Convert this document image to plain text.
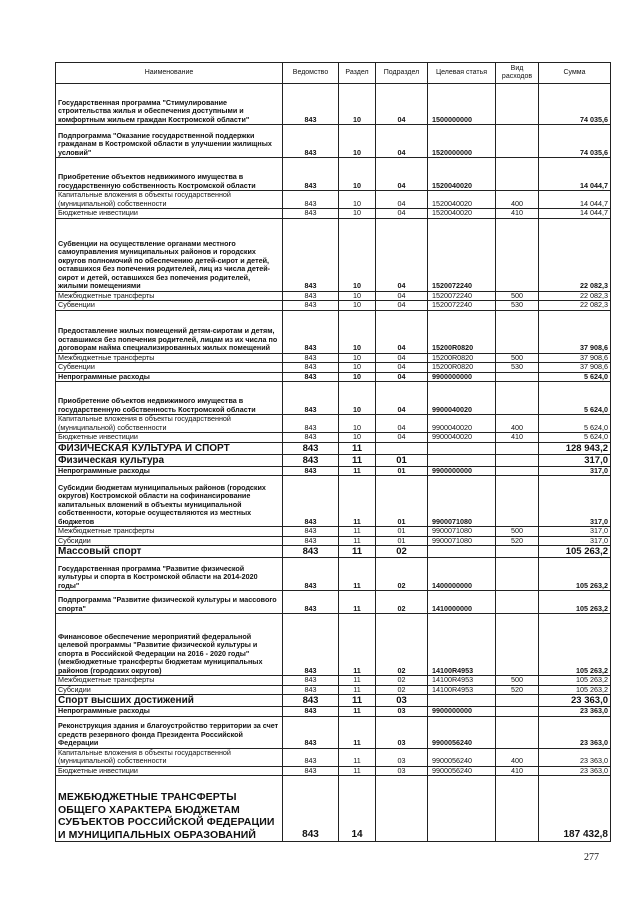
Наименование	Ведомство	Раздел	Подраздел	Целевая статья	Вид расходов	Сумма
Государственная программа "Стимулирование строительства жилья и обеспечения доступными и комфортным жильем граждан Костромской области"	843	10	04	1500000000		74 035,6
Подпрограмма "Оказание государственной поддержки гражданам в Костромской области в улучшении жилищных условий"	843	10	04	1520000000		74 035,6
Приобретение объектов недвижимого имущества в государственную собственность Костромской области	843	10	04	1520040020		14 044,7
Капитальные вложения в объекты государственной (муниципальной) собственности	843	10	04	1520040020	400	14 044,7
Бюджетные инвестиции	843	10	04	1520040020	410	14 044,7
Субвенции на осуществление органами местного самоуправления муниципальных районов и городских округов полномочий по обеспечению детей-сирот и детей, оставшихся без попечения родителей, лиц из числа детей-сирот и детей, оставшихся без попечения родителей, жилыми помещениями	843	10	04	1520072240		22 082,3
Межбюджетные трансферты	843	10	04	1520072240	500	22 082,3
Субвенции	843	10	04	1520072240	530	22 082,3
Предоставление жилых помещений детям-сиротам и детям, оставшимся без попечения родителей, лицам из их числа по договорам найма специализированных жилых помещений	843	10	04	15200R0820		37 908,6
Межбюджетные трансферты	843	10	04	15200R0820	500	37 908,6
Субвенции	843	10	04	15200R0820	530	37 908,6
Непрограммные расходы	843	10	04	9900000000		5 624,0
Приобретение объектов недвижимого имущества в государственную собственность Костромской области	843	10	04	9900040020		5 624,0
Капитальные вложения в объекты государственной (муниципальной) собственности	843	10	04	9900040020	400	5 624,0
Бюджетные инвестиции	843	10	04	9900040020	410	5 624,0
ФИЗИЧЕСКАЯ КУЛЬТУРА И СПОРТ	843	11				128 943,2
Физическая культура	843	11	01			317,0
Непрограммные расходы	843	11	01	9900000000		317,0
Субсидии бюджетам муниципальных районов (городских округов) Костромской области на софинансирование капитальных вложений в объекты муниципальной собственности, которые осуществляются из местных бюджетов	843	11	01	9900071080		317,0
Межбюджетные трансферты	843	11	01	9900071080	500	317,0
Субсидии	843	11	01	9900071080	520	317,0
Массовый спорт	843	11	02			105 263,2
Государственная программа "Развитие физической культуры и спорта в Костромской области на 2014-2020 годы"	843	11	02	1400000000		105 263,2
Подпрограмма "Развитие физической культуры и массового спорта"	843	11	02	1410000000		105 263,2
Финансовое обеспечение мероприятий федеральной целевой программы "Развитие физической культуры и спорта в Российской Федерации на 2016 - 2020 годы" (межбюджетные трансферты бюджетам муниципальных районов (городских округов)	843	11	02	14100R4953		105 263,2
Межбюджетные трансферты	843	11	02	14100R4953	500	105 263,2
Субсидии	843	11	02	14100R4953	520	105 263,2
Спорт высших достижений	843	11	03			23 363,0
Непрограммные расходы	843	11	03	9900000000		23 363,0
Реконструкция здания и благоустройство территории за счет средств резервного фонда Президента Российской Федерации	843	11	03	9900056240		23 363,0
Капитальные вложения в объекты государственной (муниципальной) собственности	843	11	03	9900056240	400	23 363,0
Бюджетные инвестиции	843	11	03	9900056240	410	23 363,0
МЕЖБЮДЖЕТНЫЕ ТРАНСФЕРТЫ ОБЩЕГО ХАРАКТЕРА БЮДЖЕТАМ СУБЪЕКТОВ РОССИЙСКОЙ ФЕДЕРАЦИИ И МУНИЦИПАЛЬНЫХ ОБРАЗОВАНИЙ	843	14				187 432,8
277
